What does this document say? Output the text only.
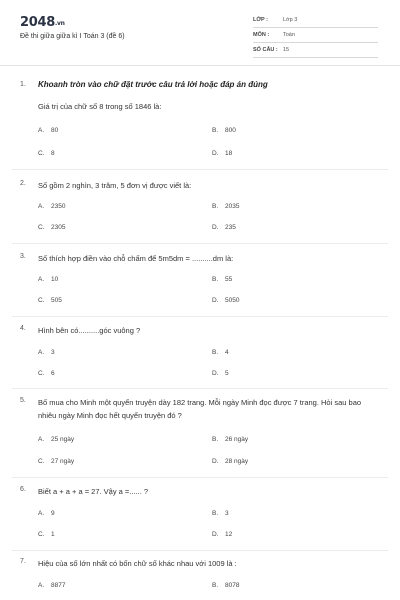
2048.vn
Đề thi giữa giữa kì I Toán 3 (đề 6)
LỚP :	Lớp 3
MÔN :	Toán
SỐ CÂU : 15
1. Khoanh tròn vào chữ đặt trước câu trả lời hoặc đáp án đúng
Giá trị của chữ số 8 trong số 1846 là:
A. 80	B. 800
C. 8	D. 18
2. Số gồm 2 nghìn, 3 trăm, 5 đơn vị được viết là:
A. 2350	B. 2035
C. 2305	D. 235
3. Số thích hợp điền vào chỗ chấm để 5m5dm = ..........dm là:
A. 10	B. 55
C. 505	D. 5050
4. Hình bên có..........góc vuông ?
A. 3	B. 4
C. 6	D. 5
5. Bố mua cho Minh một quyển truyện dày 182 trang. Mỗi ngày Minh đọc được 7 trang. Hỏi sau bao nhiêu ngày Minh đọc hết quyển truyện đó ?
A. 25 ngày	B. 26 ngày
C. 27 ngày	D. 28 ngày
6. Biết a + a + a = 27. Vậy a =...... ?
A. 9	B. 3
C. 1	D. 12
7. Hiệu của số lớn nhất có bốn chữ số khác nhau với 1009 là :
A. 8877	B. 8078
